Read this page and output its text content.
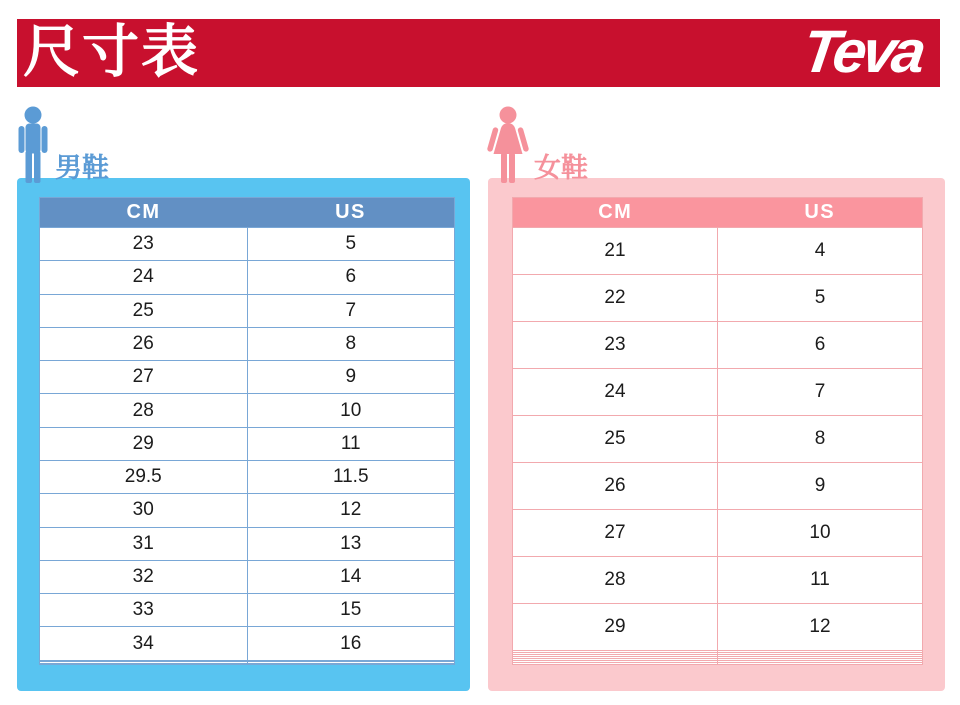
尺寸表	Teva
男鞋	女鞋
CM	US
23	5
24	6
25	7
26	8
27	9
28	10
29	11
29.5	11.5
30	12
31	13
32	14
33	15
34	16

CM	US
21	4
22	5
23	6
24	7
25	8
26	9
27	10
28	11
29	12
